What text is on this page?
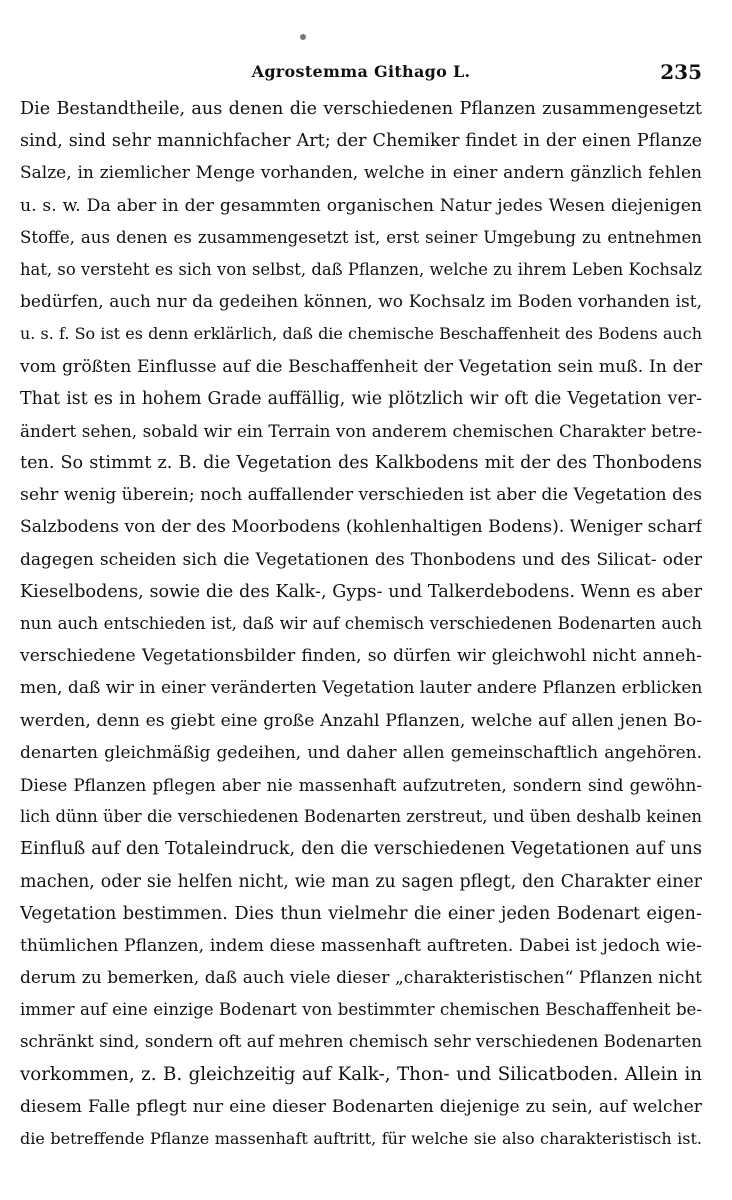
Agrostemma Githago L.	235
Die Bestandtheile, aus denen die verschiedenen Pflanzen zusammengesetzt
sind, sind sehr mannichfacher Art; der Chemiker findet in der einen Pflanze
Salze, in ziemlicher Menge vorhanden, welche in einer andern gänzlich fehlen
u. s. w. Da aber in der gesammten organischen Natur jedes Wesen diejenigen
Stoffe, aus denen es zusammengesetzt ist, erst seiner Umgebung zu entnehmen
hat, so versteht es sich von selbst, daß Pflanzen, welche zu ihrem Leben Kochsalz
bedürfen, auch nur da gedeihen können, wo Kochsalz im Boden vorhanden ist,
u. s. f. So ist es denn erklärlich, daß die chemische Beschaffenheit des Bodens auch
vom größten Einflusse auf die Beschaffenheit der Vegetation sein muß. In der
That ist es in hohem Grade auffällig, wie plötzlich wir oft die Vegetation ver-
ändert sehen, sobald wir ein Terrain von anderem chemischen Charakter betre-
ten. So stimmt z. B. die Vegetation des Kalkbodens mit der des Thonbodens
sehr wenig überein; noch auffallender verschieden ist aber die Vegetation des
Salzbodens von der des Moorbodens (kohlenhaltigen Bodens). Weniger scharf
dagegen scheiden sich die Vegetationen des Thonbodens und des Silicat- oder
Kieselbodens, sowie die des Kalk-, Gyps- und Talkerdebodens. Wenn es aber
nun auch entschieden ist, daß wir auf chemisch verschiedenen Bodenarten auch
verschiedene Vegetationsbilder finden, so dürfen wir gleichwohl nicht anneh-
men, daß wir in einer veränderten Vegetation lauter andere Pflanzen erblicken
werden, denn es giebt eine große Anzahl Pflanzen, welche auf allen jenen Bo-
denarten gleichmäßig gedeihen, und daher allen gemeinschaftlich angehören.
Diese Pflanzen pflegen aber nie massenhaft aufzutreten, sondern sind gewöhn-
lich dünn über die verschiedenen Bodenarten zerstreut, und üben deshalb keinen
Einfluß auf den Totaleindruck, den die verschiedenen Vegetationen auf uns
machen, oder sie helfen nicht, wie man zu sagen pflegt, den Charakter einer
Vegetation bestimmen. Dies thun vielmehr die einer jeden Bodenart eigen-
thümlichen Pflanzen, indem diese massenhaft auftreten. Dabei ist jedoch wie-
derum zu bemerken, daß auch viele dieser „charakteristischen“ Pflanzen nicht
immer auf eine einzige Bodenart von bestimmter chemischen Beschaffenheit be-
schränkt sind, sondern oft auf mehren chemisch sehr verschiedenen Bodenarten
vorkommen, z. B. gleichzeitig auf Kalk-, Thon- und Silicatboden. Allein in
diesem Falle pflegt nur eine dieser Bodenarten diejenige zu sein, auf welcher
die betreffende Pflanze massenhaft auftritt, für welche sie also charakteristisch ist.
